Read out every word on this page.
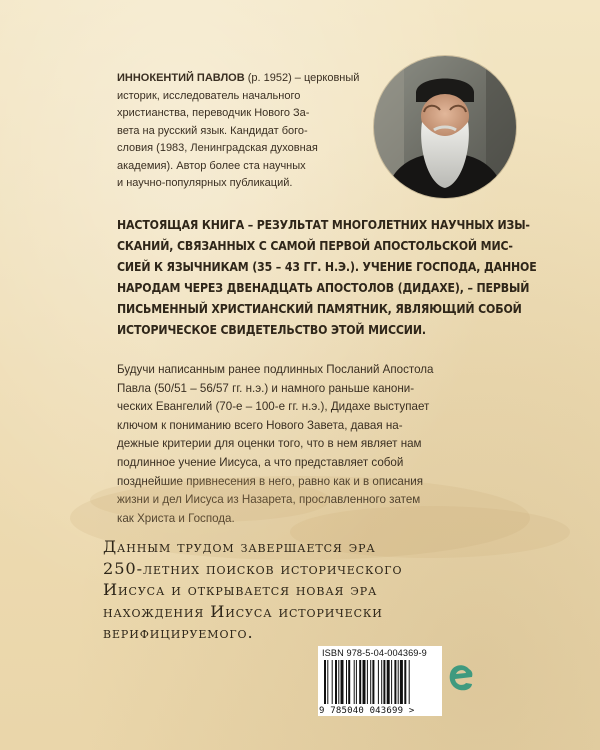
ИННОКЕНТИЙ ПАВЛОВ (р. 1952) – церковный
историк, исследователь начального
христианства, переводчик Нового За-
вета на русский язык. Кандидат бого-
словия (1983, Ленинградская духовная
академия). Автор более ста научных
и научно-популярных публикаций.

НАСТОЯЩАЯ КНИГА – РЕЗУЛЬТАТ МНОГОЛЕТНИХ НАУЧНЫХ ИЗЫ-

СКАНИЙ, СВЯЗАННЫХ С САМОЙ ПЕРВОЙ АПОСТОЛЬСКОЙ МИС-

СИЕЙ К ЯЗЫЧНИКАМ (35 – 43 ГГ. Н.Э.). УЧЕНИЕ ГОСПОДА, ДАННОЕ

НАРОДАМ ЧЕРЕЗ ДВЕНАДЦАТЬ АПОСТОЛОВ (ДИДАХЕ), – ПЕРВЫЙ

ПИСЬМЕННЫЙ ХРИСТИАНСКИЙ ПАМЯТНИК, ЯВЛЯЮЩИЙ СОБОЙ

ИСТОРИЧЕСКОЕ СВИДЕТЕЛЬСТВО ЭТОЙ МИССИИ.

Будучи написанным ранее подлинных Посланий Апостола

Павла (50/51 – 56/57 гг. н.э.) и намного раньше канони-

ческих Евангелий (70-е – 100-е гг. н.э.), Дидахе выступает

ключом к пониманию всего Нового Завета, давая на-

дежные критерии для оценки того, что в нем являет нам

подлинное учение Иисуса, а что представляет собой

позднейшие привнесения в него, равно как и в описания

жизни и дел Иисуса из Назарета, прославленного затем

как Христа и Господа.

Данным трудом завершается эра

250-летних поисков исторического

Иисуса и открывается новая эра

нахождения Иисуса исторически

верифицируемого.

ISBN 978-5-04-004369-9
9 785040 043699 >
